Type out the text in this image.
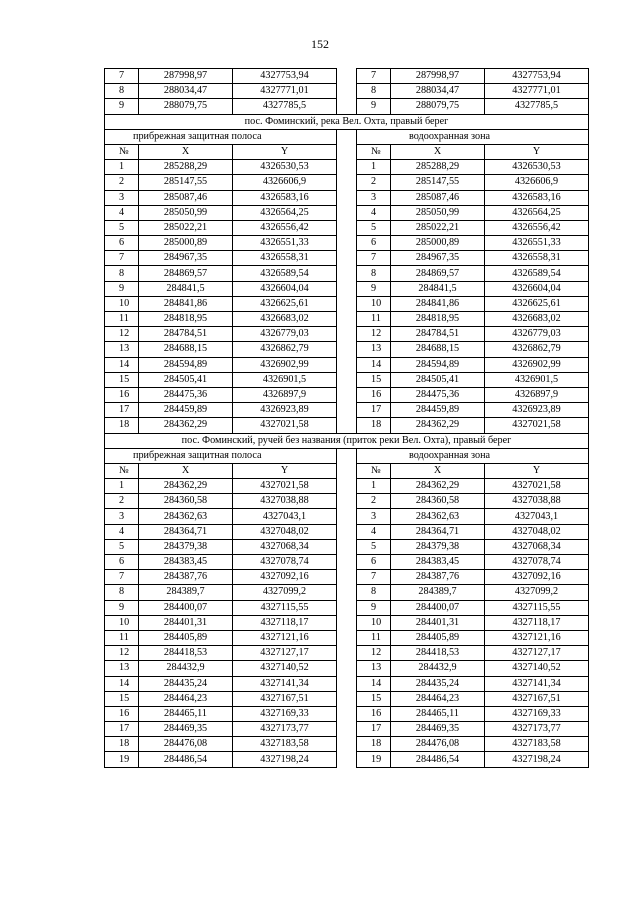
152
7	287998,97	4327753,94		7	287998,97	4327753,94
8	288034,47	4327771,01		8	288034,47	4327771,01
9	288079,75	4327785,5		9	288079,75	4327785,5
пос. Фоминский, река Вел. Охта, правый берег						
прибрежная защитная полоса				водоохранная зона		
№	X	Y		№	X	Y
1	285288,29	4326530,53		1	285288,29	4326530,53
2	285147,55	4326606,9		2	285147,55	4326606,9
3	285087,46	4326583,16		3	285087,46	4326583,16
4	285050,99	4326564,25		4	285050,99	4326564,25
5	285022,21	4326556,42		5	285022,21	4326556,42
6	285000,89	4326551,33		6	285000,89	4326551,33
7	284967,35	4326558,31		7	284967,35	4326558,31
8	284869,57	4326589,54		8	284869,57	4326589,54
9	284841,5	4326604,04		9	284841,5	4326604,04
10	284841,86	4326625,61		10	284841,86	4326625,61
11	284818,95	4326683,02		11	284818,95	4326683,02
12	284784,51	4326779,03		12	284784,51	4326779,03
13	284688,15	4326862,79		13	284688,15	4326862,79
14	284594,89	4326902,99		14	284594,89	4326902,99
15	284505,41	4326901,5		15	284505,41	4326901,5
16	284475,36	4326897,9		16	284475,36	4326897,9
17	284459,89	4326923,89		17	284459,89	4326923,89
18	284362,29	4327021,58		18	284362,29	4327021,58
пос. Фоминский, ручей без названия (приток реки Вел. Охта), правый берег						
прибрежная защитная полоса				водоохранная зона		
№	X	Y		№	X	Y
1	284362,29	4327021,58		1	284362,29	4327021,58
2	284360,58	4327038,88		2	284360,58	4327038,88
3	284362,63	4327043,1		3	284362,63	4327043,1
4	284364,71	4327048,02		4	284364,71	4327048,02
5	284379,38	4327068,34		5	284379,38	4327068,34
6	284383,45	4327078,74		6	284383,45	4327078,74
7	284387,76	4327092,16		7	284387,76	4327092,16
8	284389,7	4327099,2		8	284389,7	4327099,2
9	284400,07	4327115,55		9	284400,07	4327115,55
10	284401,31	4327118,17		10	284401,31	4327118,17
11	284405,89	4327121,16		11	284405,89	4327121,16
12	284418,53	4327127,17		12	284418,53	4327127,17
13	284432,9	4327140,52		13	284432,9	4327140,52
14	284435,24	4327141,34		14	284435,24	4327141,34
15	284464,23	4327167,51		15	284464,23	4327167,51
16	284465,11	4327169,33		16	284465,11	4327169,33
17	284469,35	4327173,77		17	284469,35	4327173,77
18	284476,08	4327183,58		18	284476,08	4327183,58
19	284486,54	4327198,24		19	284486,54	4327198,24
